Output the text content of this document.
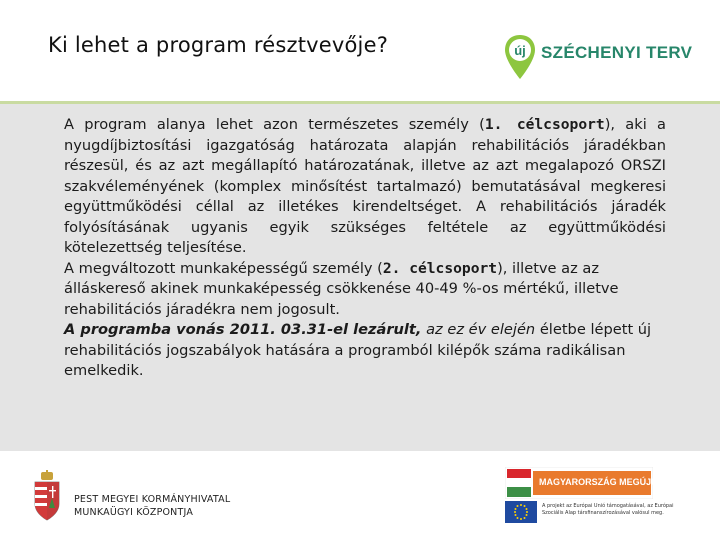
Ki lehet a program résztvevője?	új SZÉCHENYI TERV

A program alanya lehet azon természetes személy (1. célcsoport), aki a nyugdíjbiztosítási igazgatóság határozata alapján rehabilitációs járadékban részesül, és az azt megállapító határozatának, illetve az azt megalapozó ORSZI szakvéleményének (komplex minősítést tartalmazó) bemutatásával megkeresi együttműködési céllal az illetékes kirendeltséget. A rehabilitációs járadék folyósításának ugyanis egyik szükséges feltétele az együttműködési kötelezettség teljesítése.

A megváltozott munkaképességű személy (2. célcsoport), illetve az az álláskereső akinek munkaképesség csökkenése 40-49 %-os mértékű, illetve rehabilitációs járadékra nem jogosult.

A programba vonás 2011. 03.31-el lezárult, az ez év elején életbe lépett új rehabilitációs jogszabályok hatására a programból kilépők száma radikálisan emelkedik.

PEST MEGYEI KORMÁNYHIVATAL
MUNKAÜGYI KÖZPONTJA
MAGYARORSZÁG MEGÚJUL
A projekt az Európai Unió támogatásával, az Európai Szociális Alap társfinanszírozásával valósul meg.
